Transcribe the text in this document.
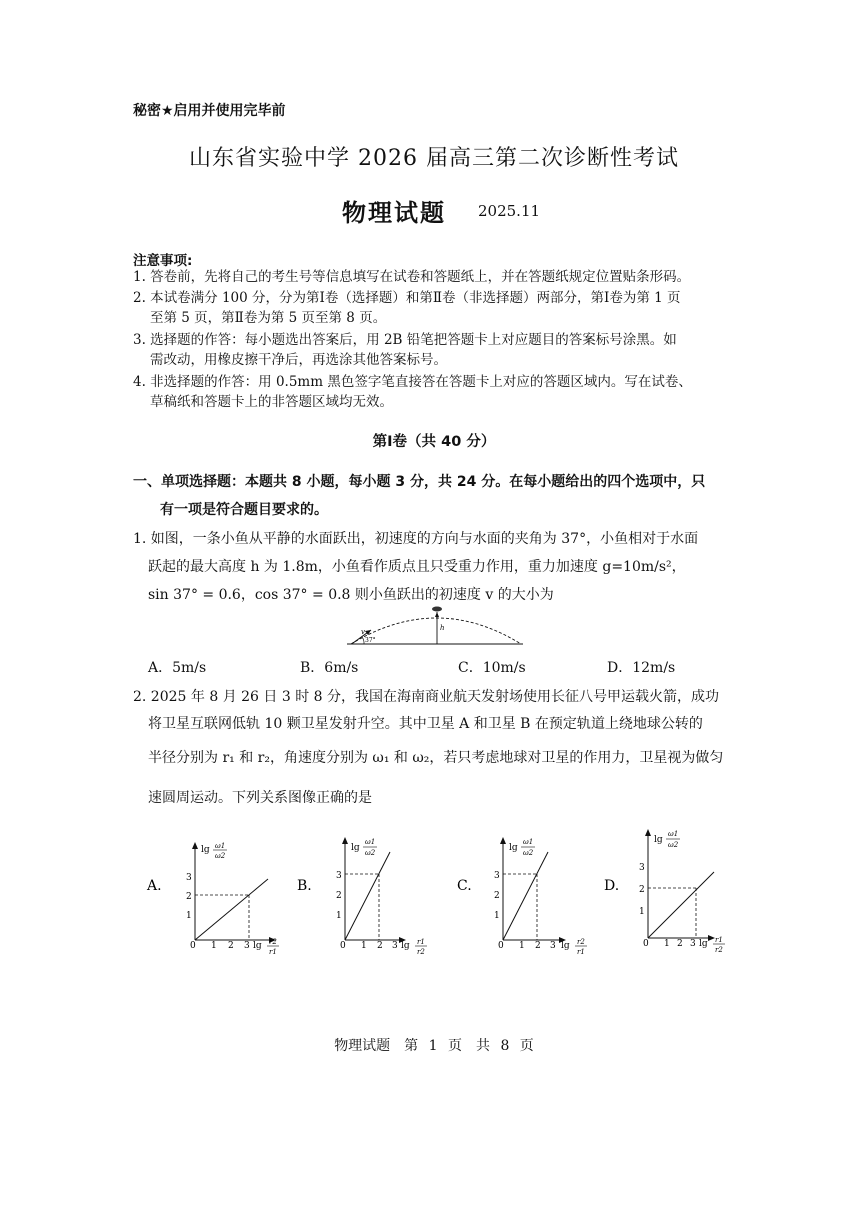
秘密★启用并使用完毕前
山东省实验中学 2026 届高三第二次诊断性考试
物理试题 2025.11
注意事项:
1. 答卷前，先将自己的考生号等信息填写在试卷和答题纸上，并在答题纸规定位置贴条形码。
2. 本试卷满分 100 分，分为第Ⅰ卷（选择题）和第Ⅱ卷（非选择题）两部分，第Ⅰ卷为第 1 页
至第 5 页，第Ⅱ卷为第 5 页至第 8 页。
3. 选择题的作答：每小题选出答案后，用 2B 铅笔把答题卡上对应题目的答案标号涂黑。如
需改动，用橡皮擦干净后，再选涂其他答案标号。
4. 非选择题的作答：用 0.5mm 黑色签字笔直接答在答题卡上对应的答题区域内。写在试卷、
草稿纸和答题卡上的非答题区域均无效。
第Ⅰ卷（共 40 分）
一、单项选择题：本题共 8 小题，每小题 3 分，共 24 分。在每小题给出的四个选项中，只
有一项是符合题目要求的。
1. 如图，一条小鱼从平静的水面跃出，初速度的方向与水面的夹角为 37°，小鱼相对于水面
跃起的最大高度 h 为 1.8m，小鱼看作质点且只受重力作用，重力加速度 g=10m/s²，
sin 37° = 0.6，cos 37° = 0.8 则小鱼跃出的初速度 v 的大小为
v
37°
h
A．5m/s	B．6m/s	C．10m/s	D．12m/s
2. 2025 年 8 月 26 日 3 时 8 分，我国在海南商业航天发射场使用长征八号甲运载火箭，成功
将卫星互联网低轨 10 颗卫星发射升空。其中卫星 A 和卫星 B 在预定轨道上绕地球公转的
半径分别为 r₁ 和 r₂，角速度分别为 ω₁ 和 ω₂，若只考虑地球对卫星的作用力，卫星视为做匀
速圆周运动。下列关系图像正确的是
A.
lg ω1
ω2
3
2
1
0 1 2 3 lg r2
r1
B.
lg
ω1
ω2
3
2
1
0 1 2 3 lg r1
r2
C.
lg
ω1
ω2
3
2
1
0 1 2 3 lg r2
r1
D.
lg
ω1
ω2
3
2
1
0 1 2 3 lg r1
r2
物理试题　第 1 页　共 8 页
